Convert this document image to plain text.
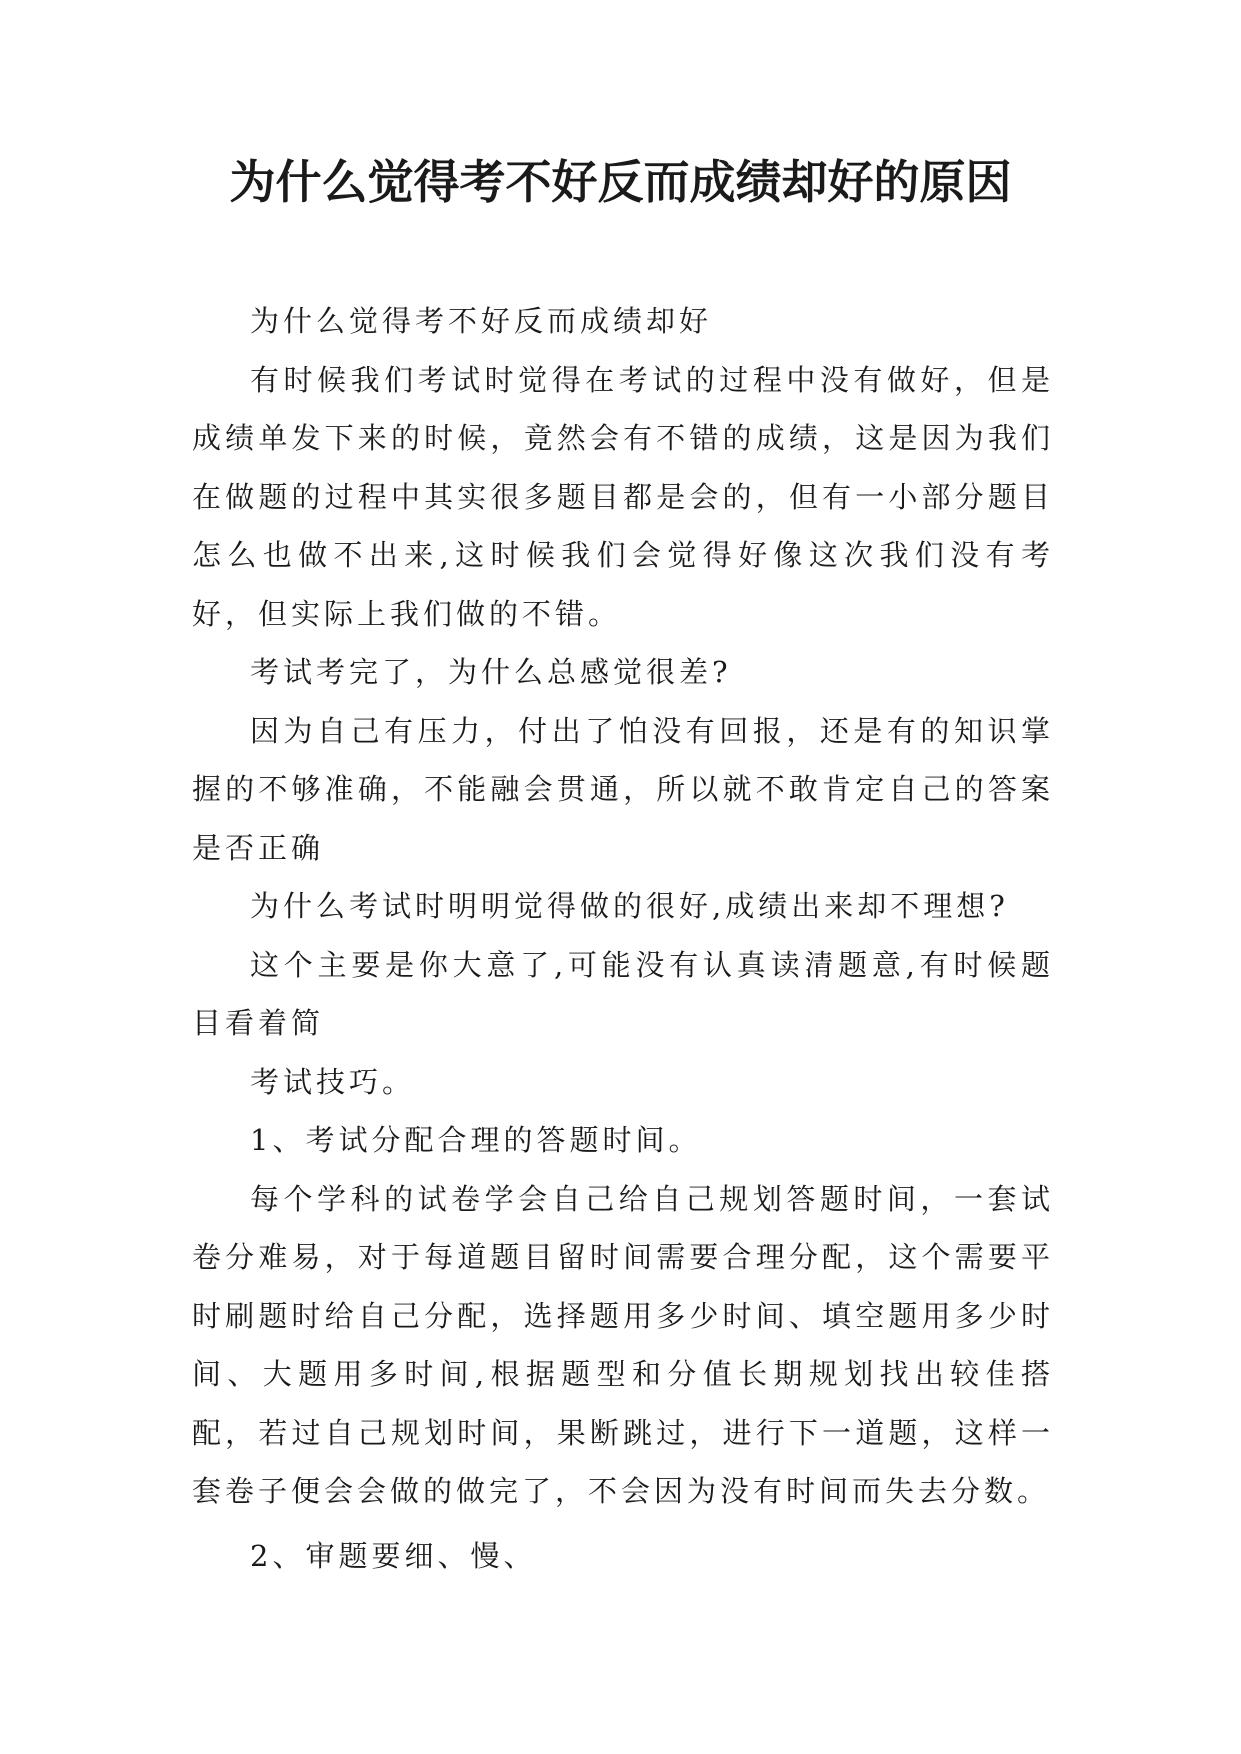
为什么觉得考不好反而成绩却好的原因

为什么觉得考不好反而成绩却好

有时候我们考试时觉得在考试的过程中没有做好，但是成绩单发下来的时候，竟然会有不错的成绩，这是因为我们在做题的过程中其实很多题目都是会的，但有一小部分题目怎么也做不出来,这时候我们会觉得好像这次我们没有考好，但实际上我们做的不错。

考试考完了，为什么总感觉很差?

因为自己有压力，付出了怕没有回报，还是有的知识掌握的不够准确，不能融会贯通，所以就不敢肯定自己的答案是否正确

为什么考试时明明觉得做的很好,成绩出来却不理想?

这个主要是你大意了,可能没有认真读清题意,有时候题目看着简

考试技巧。

1、考试分配合理的答题时间。

每个学科的试卷学会自己给自己规划答题时间，一套试卷分难易，对于每道题目留时间需要合理分配，这个需要平时刷题时给自己分配，选择题用多少时间、填空题用多少时间、大题用多时间,根据题型和分值长期规划找出较佳搭配，若过自己规划时间，果断跳过，进行下一道题，这样一套卷子便会会做的做完了，不会因为没有时间而失去分数。

2、审题要细、慢、
